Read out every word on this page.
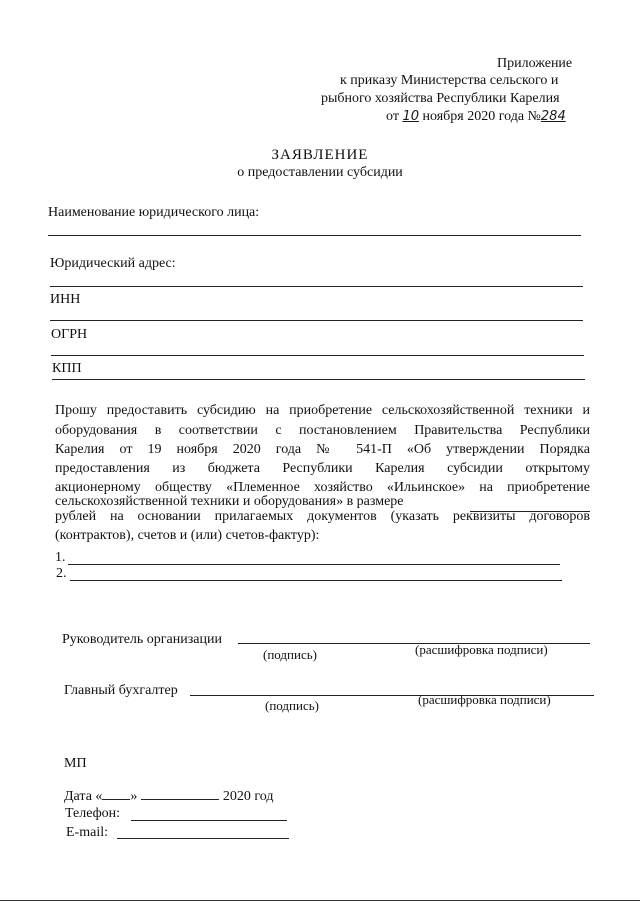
Приложение
к приказу Министерства сельского и
рыбного хозяйства Республики Карелия
от 10 ноября 2020 года №284
ЗАЯВЛЕНИЕ
о предоставлении субсидии
Наименование юридического лица:
Юридический адрес:
ИНН
ОГРН
КПП
Прошу предоставить субсидию на приобретение сельскохозяйственной техники и
оборудования в соответствии с постановлением Правительства Республики
Карелия от 19 ноября 2020 года № 541-П «Об утверждении Порядка
предоставления из бюджета Республики Карелия субсидии открытому
акционерному обществу «Племенное хозяйство «Ильинское» на приобретение
сельскохозяйственной техники и оборудования» в размере
рублей на основании прилагаемых документов (указать реквизиты договоров
(контрактов), счетов и (или) счетов-фактур):
1.
2.
Руководитель организации
(подпись)	(расшифровка подписи)
Главный бухгалтер
(подпись)	(расшифровка подписи)
МП
Дата « »	2020 год
Телефон:
E-mail:
